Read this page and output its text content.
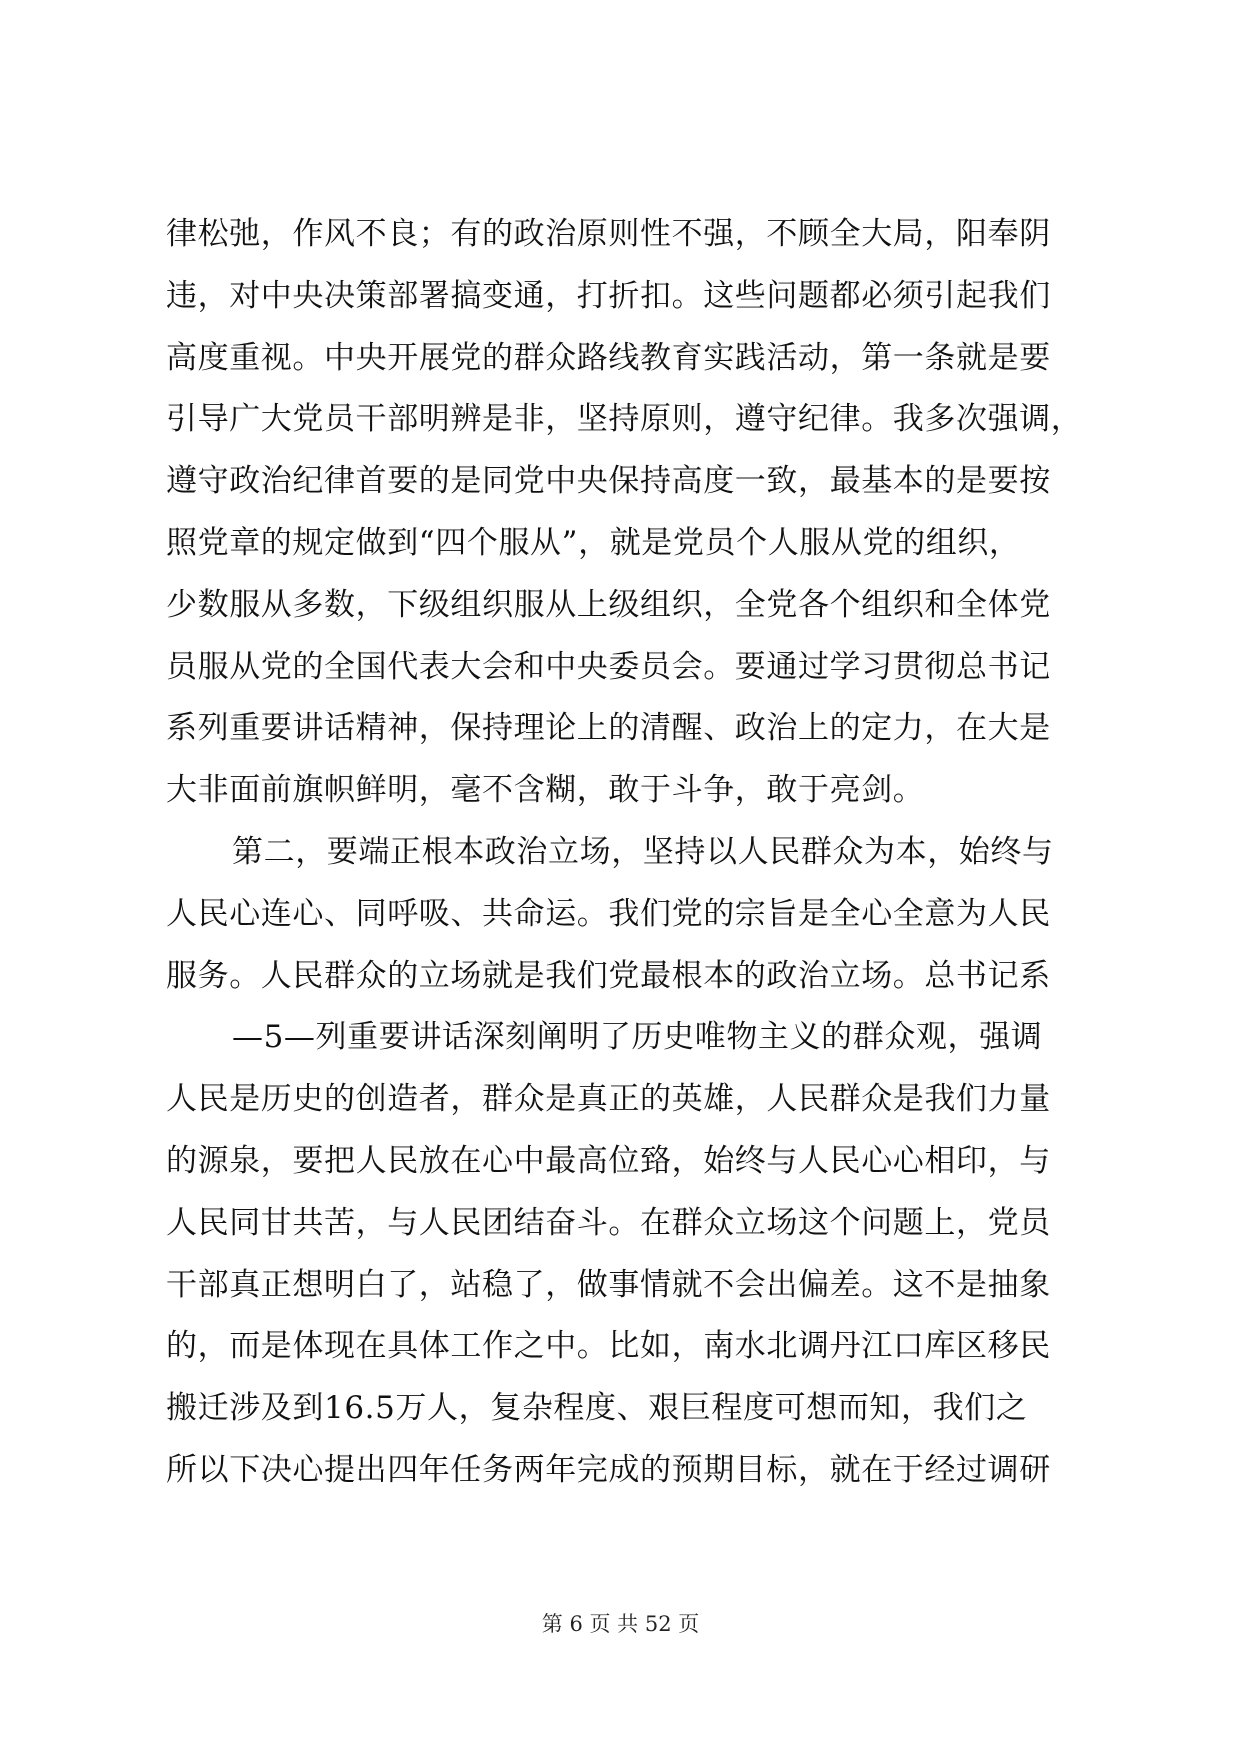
律松弛，作风不良；有的政治原则性不强，不顾全大局，阳奉阴
违，对中央决策部署搞变通，打折扣。这些问题都必须引起我们
高度重视。中央开展党的群众路线教育实践活动，第一条就是要
引导广大党员干部明辨是非，坚持原则，遵守纪律。我多次强调，
遵守政治纪律首要的是同党中央保持高度一致，最基本的是要按
照党章的规定做到“四个服从”，就是党员个人服从党的组织，
少数服从多数，下级组织服从上级组织，全党各个组织和全体党
员服从党的全国代表大会和中央委员会。要通过学习贯彻总书记
系列重要讲话精神，保持理论上的清醒、政治上的定力，在大是
大非面前旗帜鲜明，毫不含糊，敢于斗争，敢于亮剑。
第二，要端正根本政治立场，坚持以人民群众为本，始终与
人民心连心、同呼吸、共命运。我们党的宗旨是全心全意为人民
服务。人民群众的立场就是我们党最根本的政治立场。总书记系
—5—列重要讲话深刻阐明了历史唯物主义的群众观，强调
人民是历史的创造者，群众是真正的英雄，人民群众是我们力量
的源泉，要把人民放在心中最高位臵，始终与人民心心相印，与
人民同甘共苦，与人民团结奋斗。在群众立场这个问题上，党员
干部真正想明白了，站稳了，做事情就不会出偏差。这不是抽象
的，而是体现在具体工作之中。比如，南水北调丹江口库区移民
搬迁涉及到16.5万人，复杂程度、艰巨程度可想而知，我们之
所以下决心提出四年任务两年完成的预期目标，就在于经过调研
第 6 页 共 52 页
